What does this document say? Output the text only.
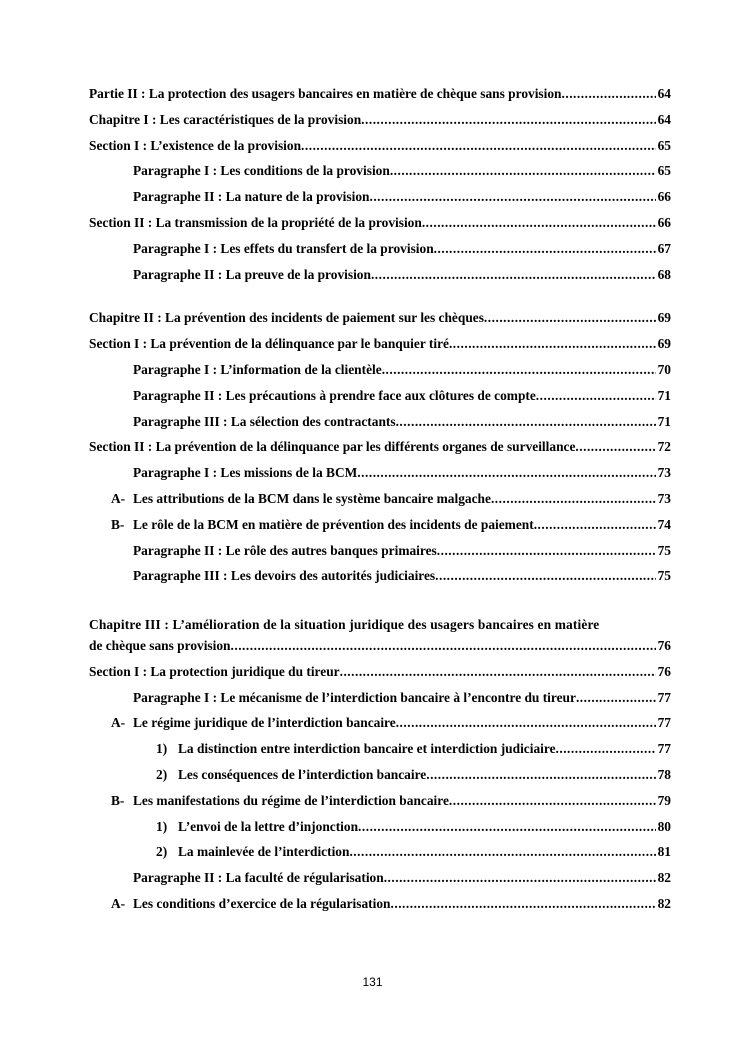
Partie II : La protection des usagers bancaires en matière de chèque sans provision .....	64
Chapitre I : Les caractéristiques de la provision .....	64
Section I : L’existence de la provision .....	65
Paragraphe I : Les conditions de la provision .....	65
Paragraphe II : La nature de la provision .....	66
Section II : La transmission de la propriété de la provision .....	66
Paragraphe I : Les effets du transfert de la provision .....	67
Paragraphe II : La preuve de la provision .....	68
Chapitre II : La prévention des incidents de paiement sur les chèques .....	69
Section I : La prévention de la délinquance par le banquier tiré .....	69
Paragraphe I : L’information de la clientèle .....	70
Paragraphe II : Les précautions à prendre face aux clôtures de compte .....	71
Paragraphe III : La sélection des contractants .....	71
Section II : La prévention de la délinquance par les différents organes de surveillance .....	72
Paragraphe I : Les missions de la BCM .....	73
A- Les attributions de la BCM dans le système bancaire malgache .....	73
B- Le rôle de la BCM en matière de prévention des incidents de paiement .....	74
Paragraphe II : Le rôle des autres banques primaires .....	75
Paragraphe III : Les devoirs des autorités judiciaires .....	75
Chapitre III : L’amélioration de la situation juridique des usagers bancaires en matière
de chèque sans provision .....	76
Section I : La protection juridique du tireur .....	76
Paragraphe I : Le mécanisme de l’interdiction bancaire à l’encontre du tireur .....	77
A- Le régime juridique de l’interdiction bancaire .....	77
1) La distinction entre interdiction bancaire et interdiction judiciaire .....	77
2) Les conséquences de l’interdiction bancaire .....	78
B- Les manifestations du régime de l’interdiction bancaire .....	79
1) L’envoi de la lettre d’injonction .....	80
2) La mainlevée de l’interdiction .....	81
Paragraphe II : La faculté de régularisation .....	82
A- Les conditions d’exercice de la régularisation .....	82
131
